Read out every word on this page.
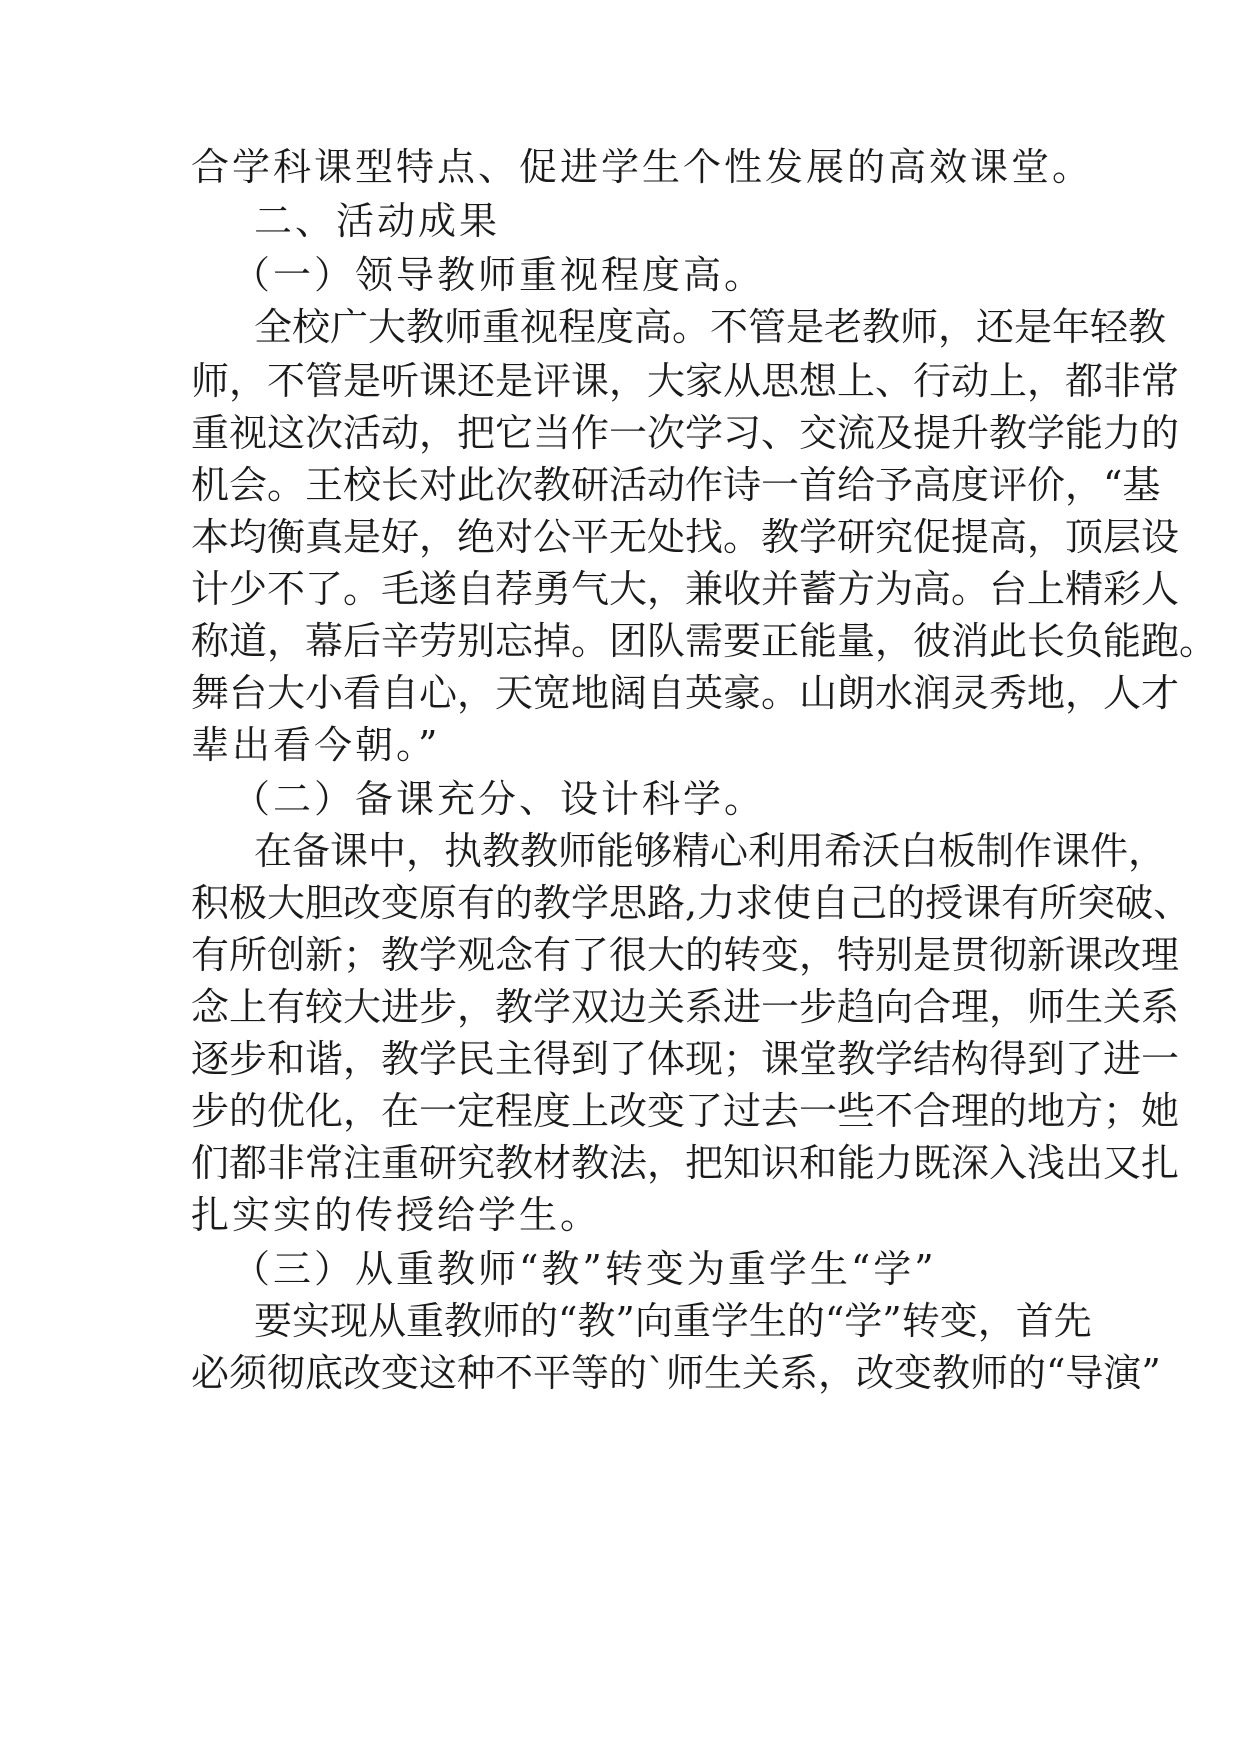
合学科课型特点、促进学生个性发展的高效课堂。
二、活动成果
（一）领导教师重视程度高。
全校广大教师重视程度高。不管是老教师，还是年轻教
师，不管是听课还是评课，大家从思想上、行动上，都非常
重视这次活动，把它当作一次学习、交流及提升教学能力的
机会。王校长对此次教研活动作诗一首给予高度评价，“基
本均衡真是好，绝对公平无处找。教学研究促提高，顶层设
计少不了。毛遂自荐勇气大，兼收并蓄方为高。台上精彩人
称道，幕后辛劳别忘掉。团队需要正能量，彼消此长负能跑。
舞台大小看自心，天宽地阔自英豪。山朗水润灵秀地，人才
辈出看今朝。”
（二）备课充分、设计科学。
在备课中，执教教师能够精心利用希沃白板制作课件，
积极大胆改变原有的教学思路,力求使自己的授课有所突破、
有所创新；教学观念有了很大的转变，特别是贯彻新课改理
念上有较大进步，教学双边关系进一步趋向合理，师生关系
逐步和谐，教学民主得到了体现；课堂教学结构得到了进一
步的优化，在一定程度上改变了过去一些不合理的地方；她
们都非常注重研究教材教法，把知识和能力既深入浅出又扎
扎实实的传授给学生。
（三）从重教师“教”转变为重学生“学”
要实现从重教师的“教”向重学生的“学”转变，首先
必须彻底改变这种不平等的`师生关系，改变教师的“导演”
